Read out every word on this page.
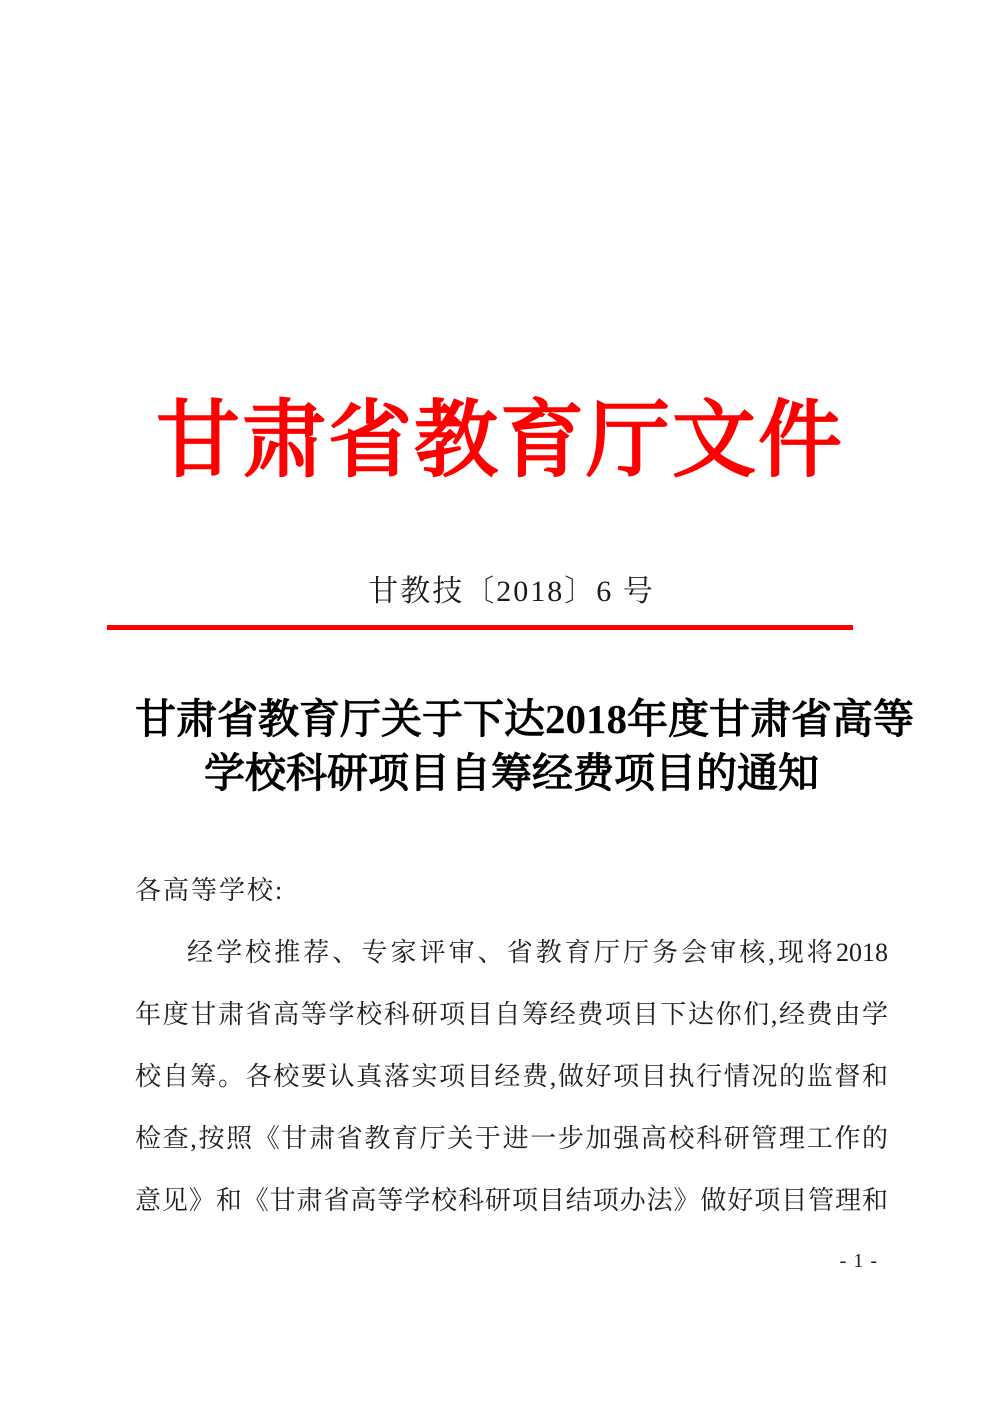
甘肃省教育厅文件
甘教技〔2018〕6 号
甘肃省教育厅关于下达2018年度甘肃省高等
学校科研项目自筹经费项目的通知
各高等学校:

经学校推荐、专家评审、省教育厅厅务会审核,现将2018

年度甘肃省高等学校科研项目自筹经费项目下达你们,经费由学

校自筹。各校要认真落实项目经费,做好项目执行情况的监督和

检查,按照《甘肃省教育厅关于进一步加强高校科研管理工作的

意见》和《甘肃省高等学校科研项目结项办法》做好项目管理和

- 1 -
